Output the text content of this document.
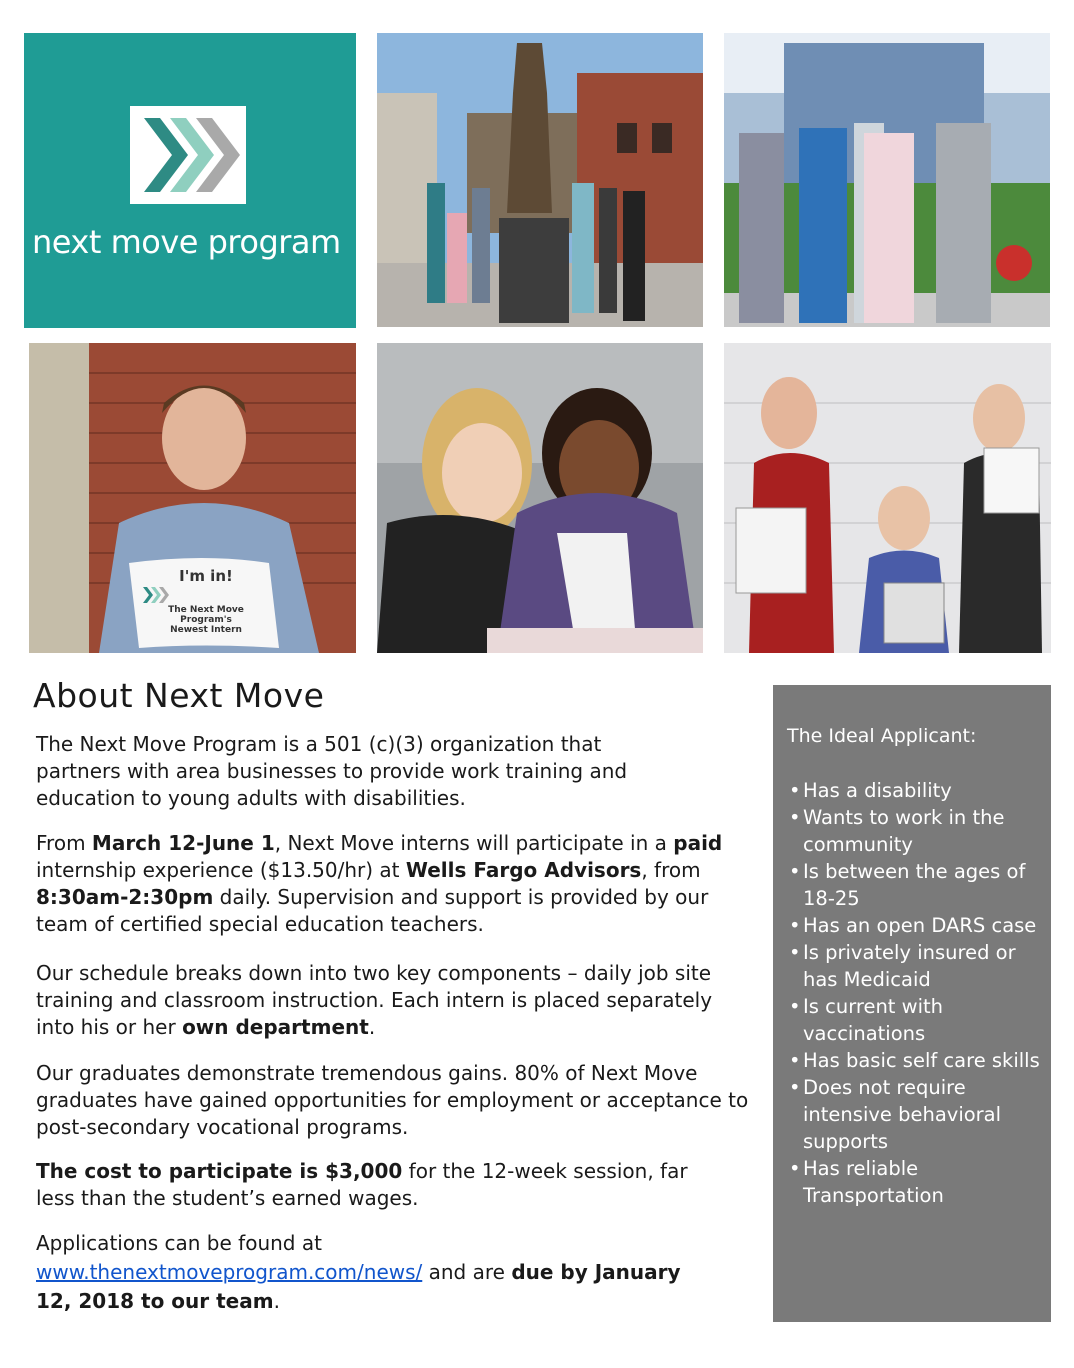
next move program
I'm in!
The Next Move Program's
Newest Intern
About Next Move
The Next Move Program is a 501 (c)(3) organization that partners with area businesses to provide work training and education to young adults with disabilities.
From March 12-June 1, Next Move interns will participate in a paid internship experience ($13.50/hr) at Wells Fargo Advisors, from 8:30am-2:30pm daily. Supervision and support is provided by our team of certified special education teachers.
Our schedule breaks down into two key components – daily job site training and classroom instruction. Each intern is placed separately into his or her own department.
Our graduates demonstrate tremendous gains. 80% of Next Move graduates have gained opportunities for employment or acceptance to post-secondary vocational programs.
The cost to participate is $3,000 for the 12-week session, far less than the student’s earned wages.
Applications can be found at
www.thenextmoveprogram.com/news/ and are due by January 12, 2018 to our team.
The Ideal Applicant:
• Has a disability
• Wants to work in the community
• Is between the ages of 18-25
• Has an open DARS case
• Is privately insured or has Medicaid
• Is current with vaccinations
• Has basic self care skills
• Does not require intensive behavioral supports
• Has reliable Transportation
